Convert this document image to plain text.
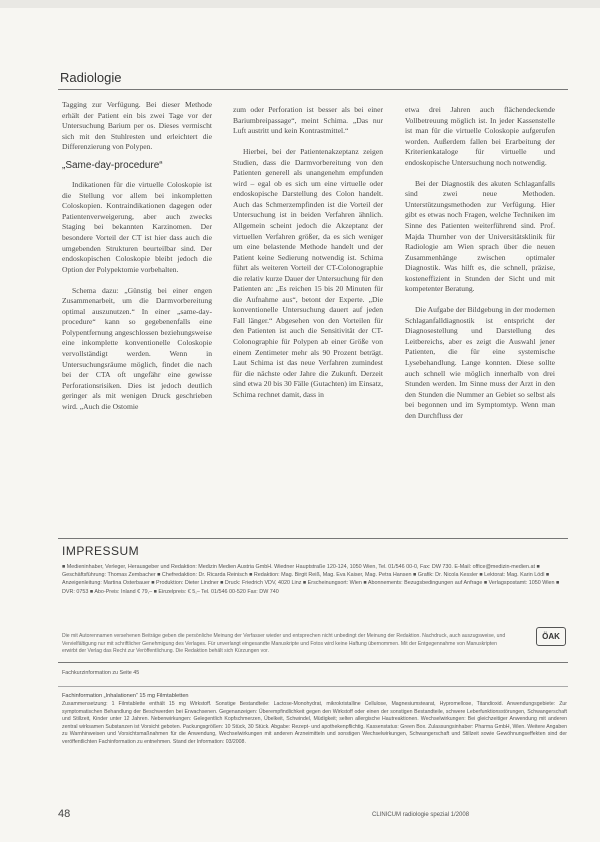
Radiologie

Tagging zur Verfügung. Bei dieser Methode erhält der Patient ein bis zwei Tage vor der Untersuchung Barium per os. Dieses vermischt sich mit den Stuhlresten und erleichtert die Differenzierung von Polypen.

„Same-day-procedure“

Indikationen für die virtuelle Coloskopie ist die Stellung vor allem bei inkompletten Coloskopien. Kontraindikationen dagegen oder Patientenverweigerung, aber auch zwecks Staging bei bekannten Karzinomen. Der besondere Vorteil der CT ist hier dass auch die umgebenden Strukturen beurteilbar sind. Der endoskopischen Coloskopie bleibt jedoch die Option der Polypektomie vorbehalten.

Schema dazu: „Günstig bei einer engen Zusammenarbeit, um die Darmvorbereitung optimal auszunutzen.“ In einer „same-day-procedure“ kann so gegebenenfalls eine Polypentfernung angeschlossen beziehungsweise eine inkomplette konventionelle Coloskopie vervollständigt werden. Wenn in Untersuchungsräume möglich, findet die nach bei der CTA oft ungefähr eine gewisse Perforationsrisiken. Dies ist jedoch deutlich geringer als mit wenigen Druck geschrieben wird. „Auch die Ostomie

zum oder Perforation ist besser als bei einer Bariumbreipassage“, meint Schima. „Das nur Luft austritt und kein Kontrastmittel.“

Hierbei, bei der Patientenakzeptanz zeigen Studien, dass die Darmvorbereitung von den Patienten generell als unangenehm empfunden wird – egal ob es sich um eine virtuelle oder endoskopische Darstellung des Colon handelt. Auch das Schmerzempfinden ist die Vorteil der Untersuchung ist in beiden Verfahren ähnlich. Allgemein scheint jedoch die Akzeptanz der virtuellen Verfahren größer, da es sich weniger um eine belastende Methode handelt und der Patient keine Sedierung notwendig ist. Schima führt als weiteren Vorteil der CT-Colonographie die relativ kurze Dauer der Untersuchung für den Patienten an: „Es reichen 15 bis 20 Minuten für die Aufnahme aus“, betont der Experte. „Die konventionelle Untersuchung dauert auf jeden Fall länger.“ Abgesehen von den Vorteilen für den Patienten ist auch die Sensitivität der CT-Colonographie für Polypen ab einer Größe von einem Zentimeter mehr als 90 Prozent beträgt. Laut Schima ist das neue Verfahren zumindest für die nächste oder Jahre die Zukunft. Derzeit sind etwa 20 bis 30 Fälle (Gutachten) im Einsatz, Schima rechnet damit, dass in

etwa drei Jahren auch flächendeckende Vollbetreuung möglich ist. In jeder Kassenstelle ist man für die virtuelle Coloskopie aufgerufen worden. Außerdem fallen bei Erarbeitung der Kriterienkataloge für virtuelle und endoskopische Untersuchung noch notwendig.

Bei der Diagnostik des akuten Schlaganfalls sind zwei neue Methoden. Unterstützungsmethoden zur Verfügung. Hier gibt es etwas noch Fragen, welche Techniken im Sinne des Patienten weiterführend sind. Prof. Majda Thurnher von der Universitätsklinik für Radiologie am Wien sprach über die neuen Zusammenhänge zwischen optimaler Diagnostik. Was hilft es, die schnell, präzise, kosteneffizient in Stunden der Sicht und mit kompetenter Beratung.

Die Aufgabe der Bildgebung in der modernen Schlaganfalldiagnostik ist entspricht der Diagnosestellung und Darstellung des Leitbereichs, aber es zeigt die Auswahl jener Patienten, die für eine systemische Lysebehandlung. Lange konnten. Diese sollte auch schnell wie möglich innerhalb von drei Stunden werden. Im Sinne muss der Arzt in den den Stunden die Nummer an Gebiet so selbst als bei begonnen und im Symptomtyp. Wenn man den Durchfluss der

IMPRESSUM
■ Medieninhaber, Verleger, Herausgeber und Redaktion: Medizin Medien Austria GmbH. Wiedner Hauptstraße 120-124, 1050 Wien, Tel. 01/546 00-0, Fax: DW 730. E-Mail: office@medizin-medien.at ■ Geschäftsführung: Thomas Zembacher ■ Chefredaktion: Dr. Ricarda Reinisch ■ Redaktion: Mag. Birgit Reiß, Mag. Eva Kaiser, Mag. Petra Hansen ■ Grafik: Dr. Nicola Kessler ■ Lektorat: Mag. Karin Lödl ■ Anzeigenleitung: Martina Osterbauer ■ Produktion: Dieter Lindner ■ Druck: Friedrich VDV, 4020 Linz ■ Erscheinungsort: Wien ■ Abonnements: Bezugsbedingungen auf Anfrage ■ Verlagspostamt: 1050 Wien ■ DVR: 0753 ■ Abo-Preis: Inland € 79,– ■ Einzelpreis: € 5,– Tel. 01/546 00-520 Fax: DW 740
Die mit Autorennamen versehenen Beiträge geben die persönliche Meinung der Verfasser wieder und entsprechen nicht unbedingt der Meinung der Redaktion. Nachdruck, auch auszugsweise, und Vervielfältigung nur mit schriftlicher Genehmigung des Verlages. Für unverlangt eingesandte Manuskripte und Fotos wird keine Haftung übernommen. Mit der Entgegennahme von Manuskripten erwirbt der Verlag das Recht zur Veröffentlichung. Die Redaktion behält sich Kürzungen vor.
ÖAK
Fachkurzinformation zu Seite 45
Fachinformation „Inhalationen“ 15 mg Filmtabletten
Zusammensetzung: 1 Filmtablette enthält 15 mg Wirkstoff. Sonstige Bestandteile: Lactose-Monohydrat, mikrokristalline Cellulose, Magnesiumstearat, Hypromellose, Titandioxid. Anwendungsgebiete: Zur symptomatischen Behandlung der Beschwerden bei Erwachsenen. Gegenanzeigen: Überempfindlichkeit gegen den Wirkstoff oder einen der sonstigen Bestandteile, schwere Leberfunktionsstörungen, Schwangerschaft und Stillzeit, Kinder unter 12 Jahren. Nebenwirkungen: Gelegentlich Kopfschmerzen, Übelkeit, Schwindel, Müdigkeit; selten allergische Hautreaktionen. Wechselwirkungen: Bei gleichzeitiger Anwendung mit anderen zentral wirksamen Substanzen ist Vorsicht geboten. Packungsgrößen: 10 Stück, 30 Stück. Abgabe: Rezept- und apothekenpflichtig. Kassenstatus: Green Box. Zulassungsinhaber: Pharma GmbH, Wien. Weitere Angaben zu Warnhinweisen und Vorsichtsmaßnahmen für die Anwendung, Wechselwirkungen mit anderen Arzneimitteln und sonstigen Wechselwirkungen, Schwangerschaft und Stillzeit sowie Gewöhnungseffekten sind der veröffentlichten Fachinformation zu entnehmen. Stand der Information: 03/2008.
48	CLINICUM radiologie spezial 1/2008
